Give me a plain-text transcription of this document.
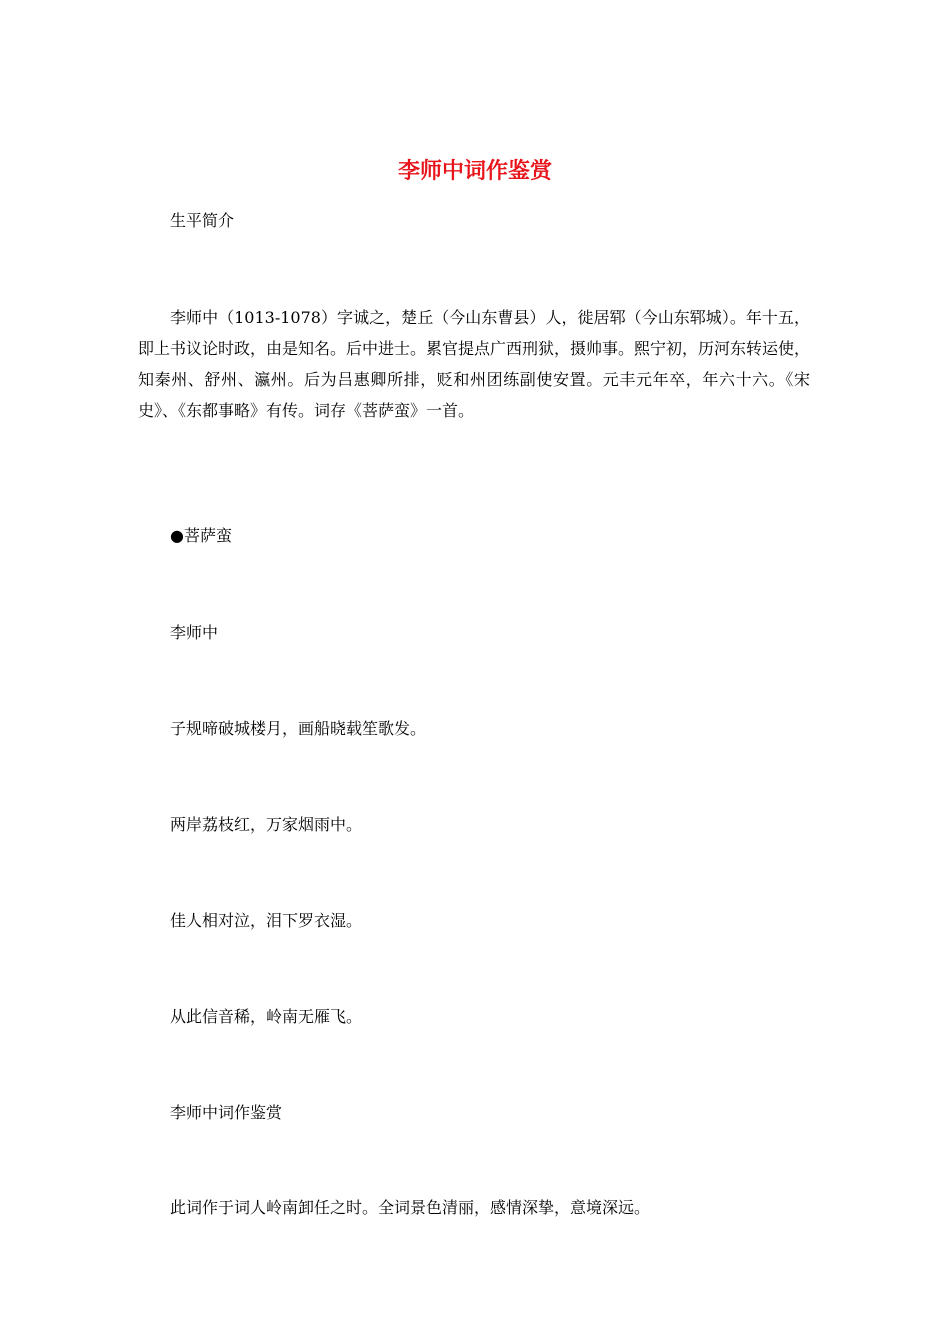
李师中词作鉴赏
生平简介
李师中（1013-1078）字诚之，楚丘（今山东曹县）人，徙居郓（今山东郓城）。年十五，即上书议论时政，由是知名。后中进士。累官提点广西刑狱，摄帅事。熙宁初，历河东转运使，知秦州、舒州、瀛州。后为吕惠卿所排，贬和州团练副使安置。元丰元年卒，年六十六。《宋史》、《东都事略》有传。词存《菩萨蛮》一首。
●菩萨蛮
李师中
子规啼破城楼月，画船晓载笙歌发。
两岸荔枝红，万家烟雨中。
佳人相对泣，泪下罗衣湿。
从此信音稀，岭南无雁飞。
李师中词作鉴赏
此词作于词人岭南卸任之时。全词景色清丽，感情深挚，意境深远。
